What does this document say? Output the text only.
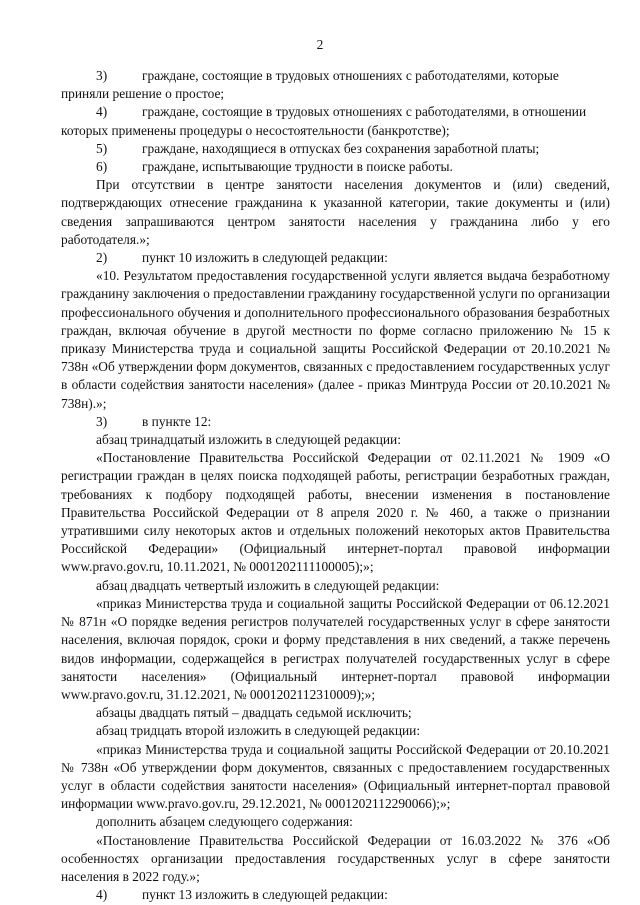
2

3)	граждане, состоящие в трудовых отношениях с работодателями, которые

приняли решение о простое;

4)	граждане, состоящие в трудовых отношениях с работодателями, в отношении

которых применены процедуры о несостоятельности (банкротстве);

5)	граждане, находящиеся в отпусках без сохранения заработной платы;

6)	граждане, испытывающие трудности в поиске работы.

При отсутствии в центре занятости населения документов и (или) сведений, подтверждающих отнесение гражданина к указанной категории, такие документы и (или) сведения запрашиваются центром занятости населения у гражданина либо у его работодателя.»;

2)	пункт 10 изложить в следующей редакции:

«10. Результатом предоставления государственной услуги является выдача безработному гражданину заключения о предоставлении гражданину государственной услуги по организации профессионального обучения и дополнительного профессионального образования безработных граждан, включая обучение в другой местности по форме согласно приложению № 15 к приказу Министерства труда и социальной защиты Российской Федерации от 20.10.2021 № 738н «Об утверждении форм документов, связанных с предоставлением государственных услуг в области содействия занятости населения» (далее - приказ Минтруда России от 20.10.2021 № 738н).»;

3)	в пункте 12:

абзац тринадцатый изложить в следующей редакции:

«Постановление Правительства Российской Федерации от 02.11.2021 № 1909 «О регистрации граждан в целях поиска подходящей работы, регистрации безработных граждан, требованиях к подбору подходящей работы, внесении изменения в постановление Правительства Российской Федерации от 8 апреля 2020 г. № 460, а также о признании утратившими силу некоторых актов и отдельных положений некоторых актов Правительства Российской Федерации» (Официальный интернет-портал правовой информации www.pravo.gov.ru, 10.11.2021, № 0001202111100005);»;

абзац двадцать четвертый изложить в следующей редакции:

«приказ Министерства труда и социальной защиты Российской Федерации от 06.12.2021 № 871н «О порядке ведения регистров получателей государственных услуг в сфере занятости населения, включая порядок, сроки и форму представления в них сведений, а также перечень видов информации, содержащейся в регистрах получателей государственных услуг в сфере занятости населения» (Официальный интернет-портал правовой информации www.pravo.gov.ru, 31.12.2021, № 0001202112310009);»;

абзацы двадцать пятый – двадцать седьмой исключить;

абзац тридцать второй изложить в следующей редакции:

«приказ Министерства труда и социальной защиты Российской Федерации от 20.10.2021 № 738н «Об утверждении форм документов, связанных с предоставлением государственных услуг в области содействия занятости населения» (Официальный интернет-портал правовой информации www.pravo.gov.ru, 29.12.2021, № 0001202112290066);»;

дополнить абзацем следующего содержания:

«Постановление Правительства Российской Федерации от 16.03.2022 № 376 «Об особенностях организации предоставления государственных услуг в сфере занятости населения в 2022 году.»;

4)	пункт 13 изложить в следующей редакции:
